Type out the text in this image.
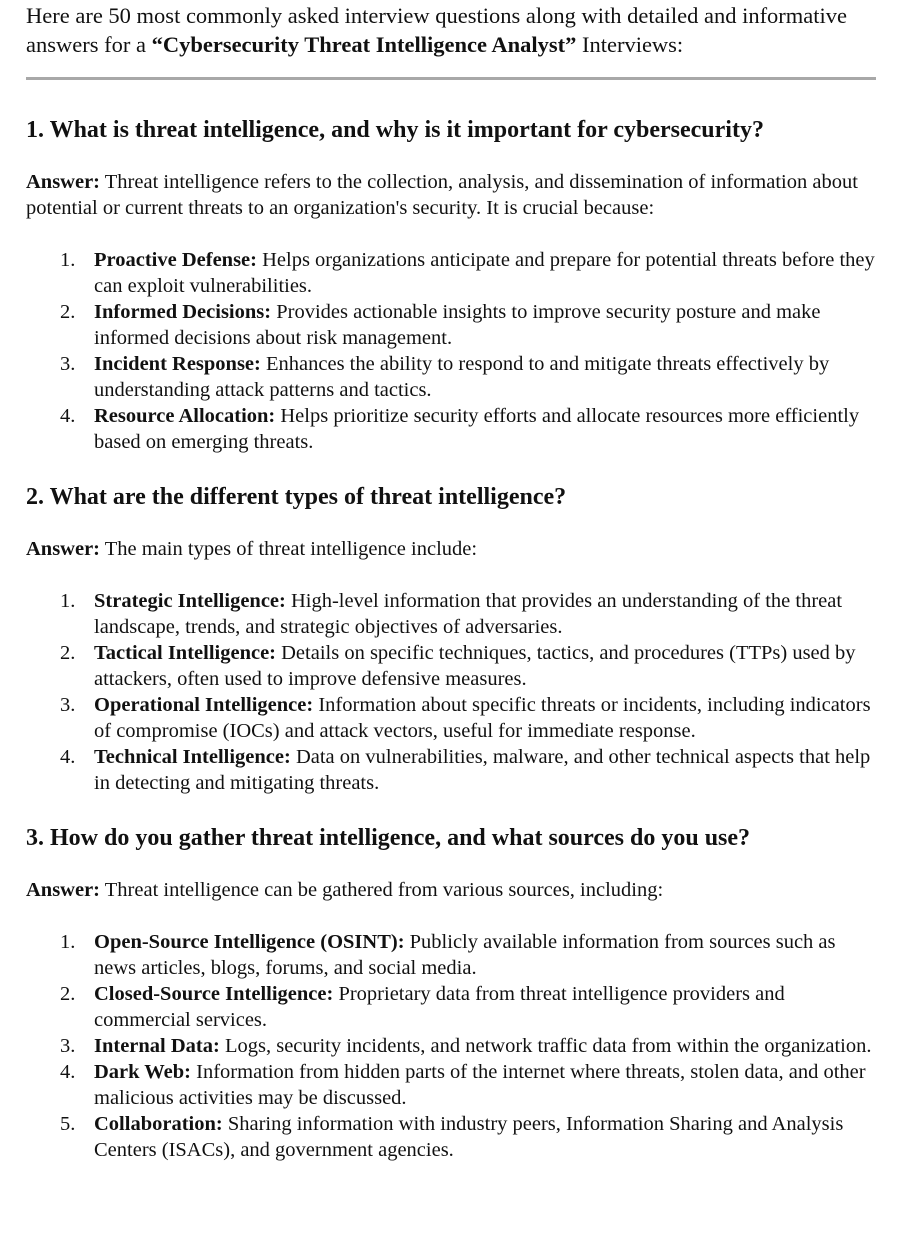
Here are 50 most commonly asked interview questions along with detailed and informative answers for a “Cybersecurity Threat Intelligence Analyst” Interviews:

1. What is threat intelligence, and why is it important for cybersecurity?

Answer: Threat intelligence refers to the collection, analysis, and dissemination of information about potential or current threats to an organization's security. It is crucial because:

1. Proactive Defense: Helps organizations anticipate and prepare for potential threats before they can exploit vulnerabilities.
2. Informed Decisions: Provides actionable insights to improve security posture and make informed decisions about risk management.
3. Incident Response: Enhances the ability to respond to and mitigate threats effectively by understanding attack patterns and tactics.
4. Resource Allocation: Helps prioritize security efforts and allocate resources more efficiently based on emerging threats.
2. What are the different types of threat intelligence?

Answer: The main types of threat intelligence include:

1. Strategic Intelligence: High-level information that provides an understanding of the threat landscape, trends, and strategic objectives of adversaries.
2. Tactical Intelligence: Details on specific techniques, tactics, and procedures (TTPs) used by attackers, often used to improve defensive measures.
3. Operational Intelligence: Information about specific threats or incidents, including indicators of compromise (IOCs) and attack vectors, useful for immediate response.
4. Technical Intelligence: Data on vulnerabilities, malware, and other technical aspects that help in detecting and mitigating threats.
3. How do you gather threat intelligence, and what sources do you use?

Answer: Threat intelligence can be gathered from various sources, including:

1. Open-Source Intelligence (OSINT): Publicly available information from sources such as news articles, blogs, forums, and social media.
2. Closed-Source Intelligence: Proprietary data from threat intelligence providers and commercial services.
3. Internal Data: Logs, security incidents, and network traffic data from within the organization.
4. Dark Web: Information from hidden parts of the internet where threats, stolen data, and other malicious activities may be discussed.
5. Collaboration: Sharing information with industry peers, Information Sharing and Analysis Centers (ISACs), and government agencies.
